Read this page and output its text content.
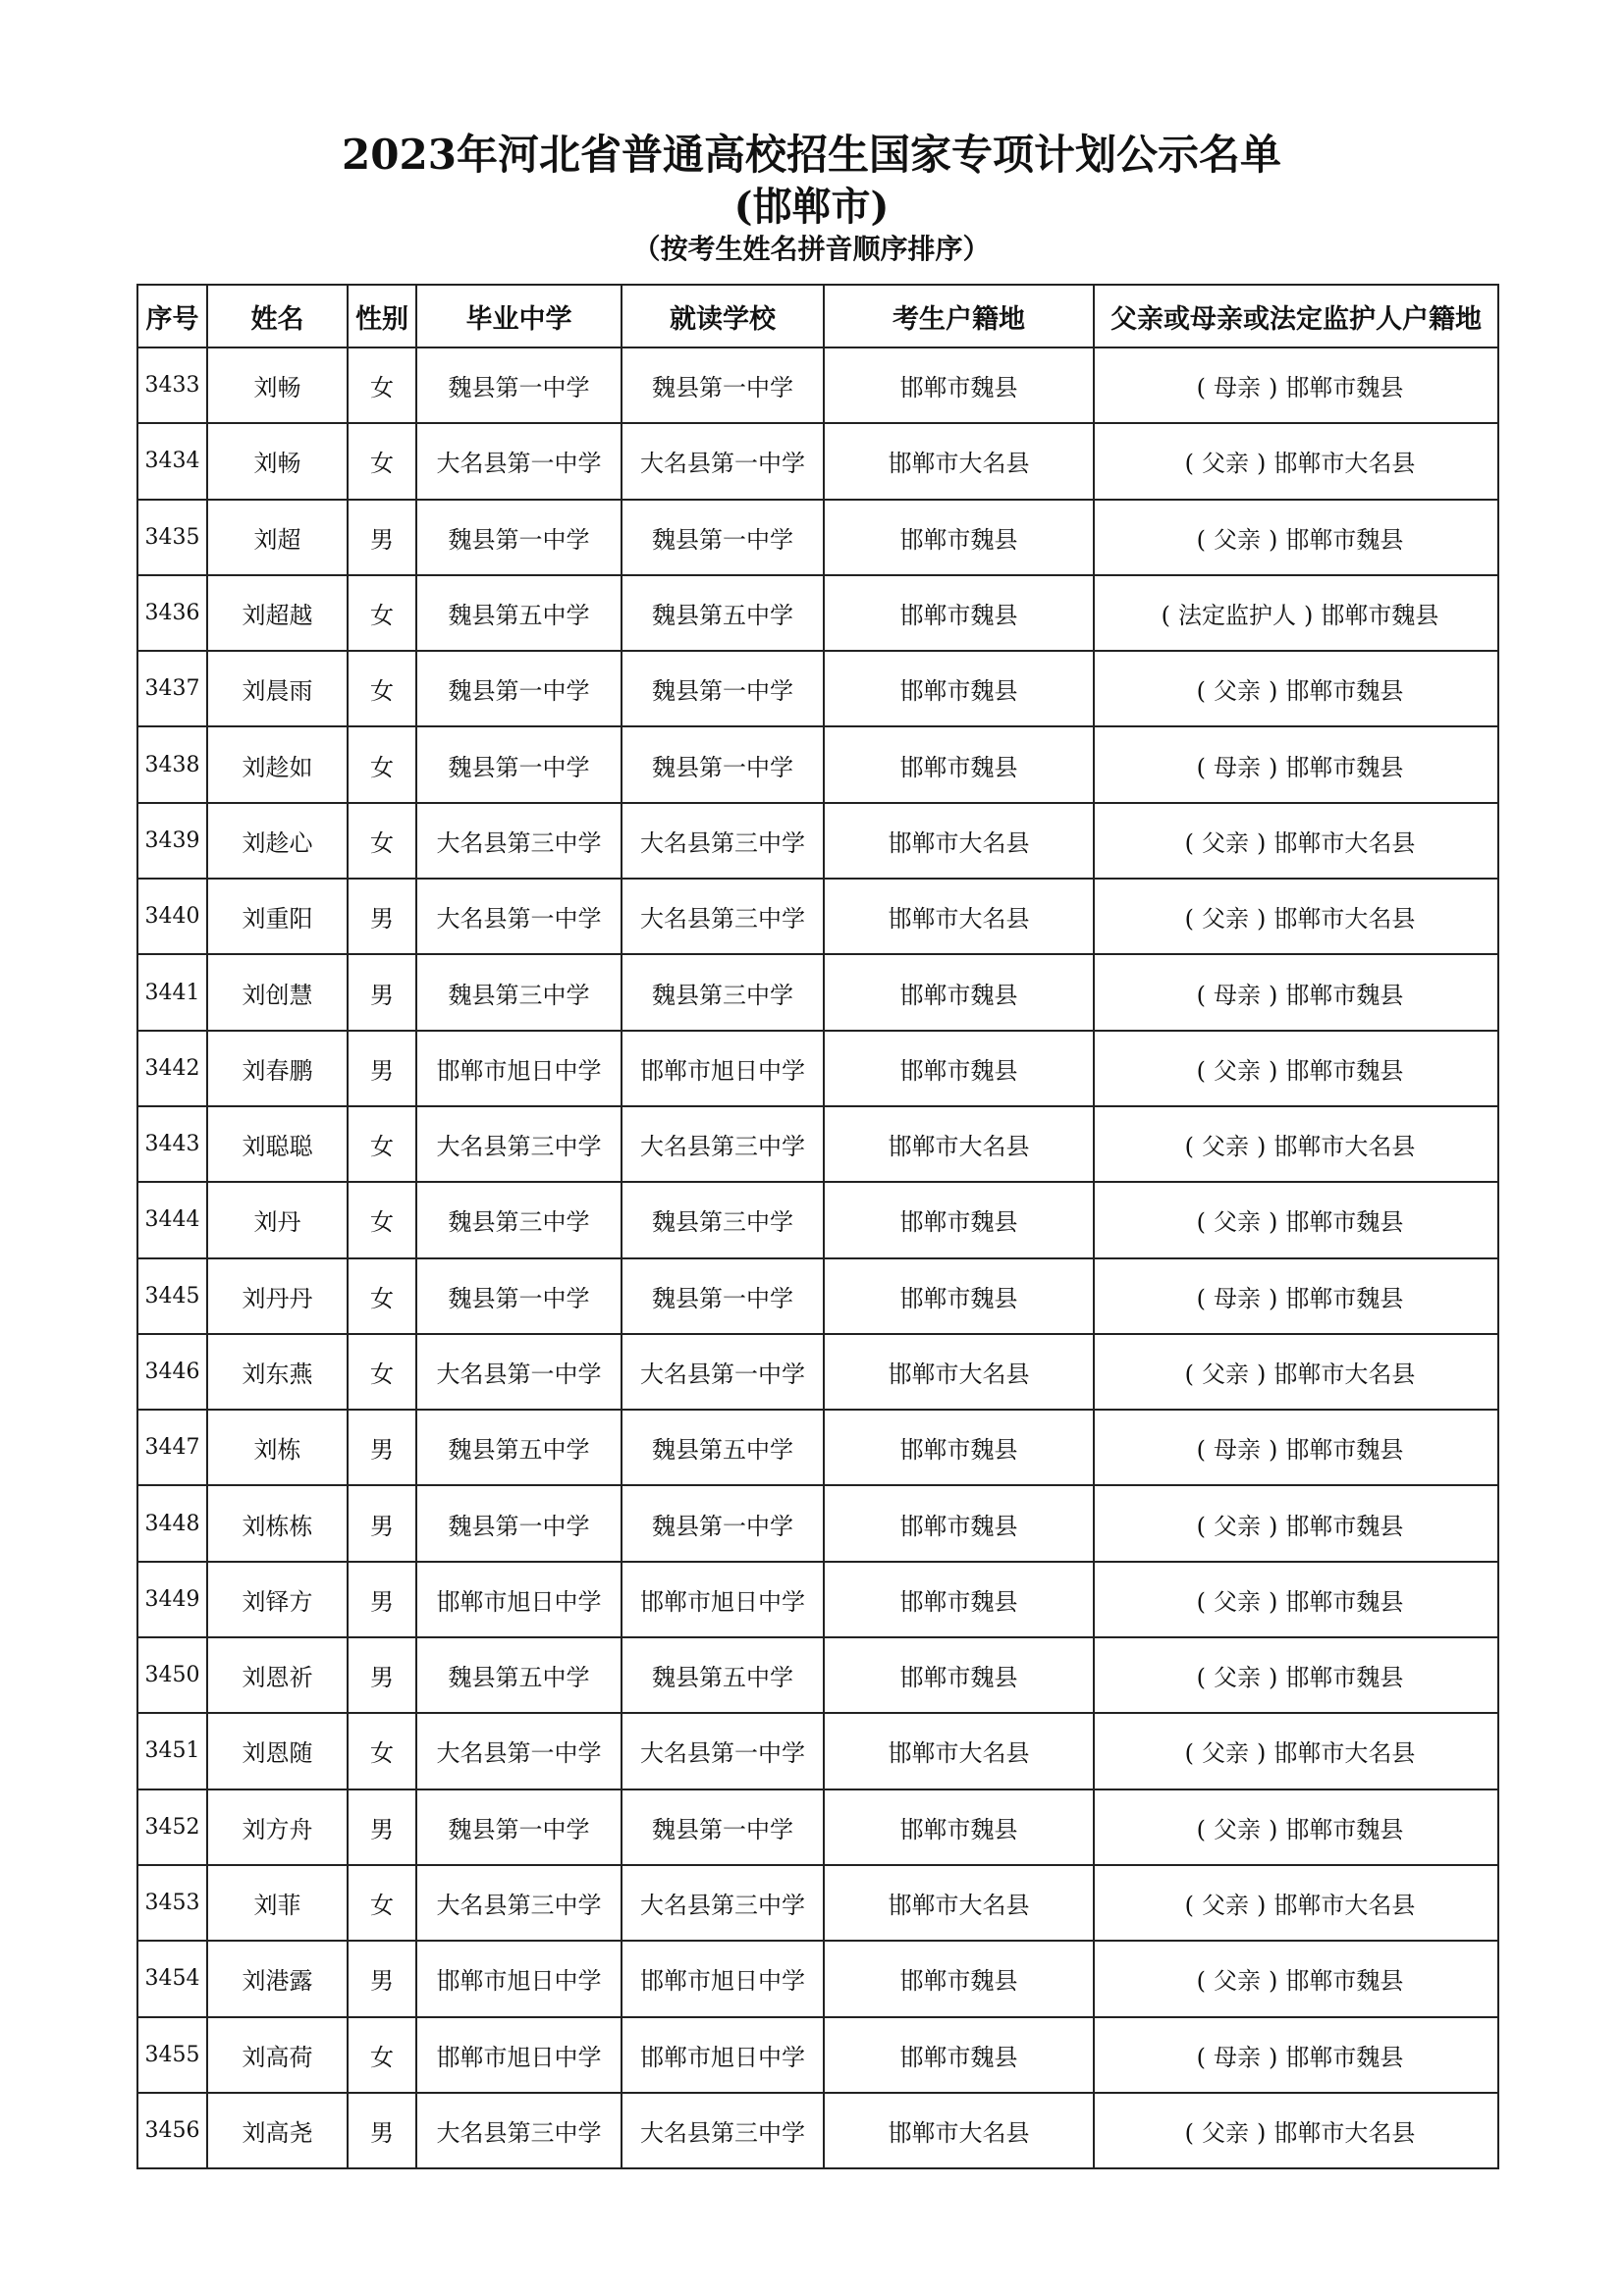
2023年河北省普通高校招生国家专项计划公示名单
(邯郸市)
（按考生姓名拼音顺序排序）
序号	姓名	性别	毕业中学	就读学校	考生户籍地	父亲或母亲或法定监护人户籍地
3433	刘畅	女	魏县第一中学	魏县第一中学	邯郸市魏县	( 母亲 ) 邯郸市魏县
3434	刘畅	女	大名县第一中学	大名县第一中学	邯郸市大名县	( 父亲 ) 邯郸市大名县
3435	刘超	男	魏县第一中学	魏县第一中学	邯郸市魏县	( 父亲 ) 邯郸市魏县
3436	刘超越	女	魏县第五中学	魏县第五中学	邯郸市魏县	( 法定监护人 ) 邯郸市魏县
3437	刘晨雨	女	魏县第一中学	魏县第一中学	邯郸市魏县	( 父亲 ) 邯郸市魏县
3438	刘趁如	女	魏县第一中学	魏县第一中学	邯郸市魏县	( 母亲 ) 邯郸市魏县
3439	刘趁心	女	大名县第三中学	大名县第三中学	邯郸市大名县	( 父亲 ) 邯郸市大名县
3440	刘重阳	男	大名县第一中学	大名县第三中学	邯郸市大名县	( 父亲 ) 邯郸市大名县
3441	刘创慧	男	魏县第三中学	魏县第三中学	邯郸市魏县	( 母亲 ) 邯郸市魏县
3442	刘春鹏	男	邯郸市旭日中学	邯郸市旭日中学	邯郸市魏县	( 父亲 ) 邯郸市魏县
3443	刘聪聪	女	大名县第三中学	大名县第三中学	邯郸市大名县	( 父亲 ) 邯郸市大名县
3444	刘丹	女	魏县第三中学	魏县第三中学	邯郸市魏县	( 父亲 ) 邯郸市魏县
3445	刘丹丹	女	魏县第一中学	魏县第一中学	邯郸市魏县	( 母亲 ) 邯郸市魏县
3446	刘东燕	女	大名县第一中学	大名县第一中学	邯郸市大名县	( 父亲 ) 邯郸市大名县
3447	刘栋	男	魏县第五中学	魏县第五中学	邯郸市魏县	( 母亲 ) 邯郸市魏县
3448	刘栋栋	男	魏县第一中学	魏县第一中学	邯郸市魏县	( 父亲 ) 邯郸市魏县
3449	刘铎方	男	邯郸市旭日中学	邯郸市旭日中学	邯郸市魏县	( 父亲 ) 邯郸市魏县
3450	刘恩祈	男	魏县第五中学	魏县第五中学	邯郸市魏县	( 父亲 ) 邯郸市魏县
3451	刘恩随	女	大名县第一中学	大名县第一中学	邯郸市大名县	( 父亲 ) 邯郸市大名县
3452	刘方舟	男	魏县第一中学	魏县第一中学	邯郸市魏县	( 父亲 ) 邯郸市魏县
3453	刘菲	女	大名县第三中学	大名县第三中学	邯郸市大名县	( 父亲 ) 邯郸市大名县
3454	刘港露	男	邯郸市旭日中学	邯郸市旭日中学	邯郸市魏县	( 父亲 ) 邯郸市魏县
3455	刘高荷	女	邯郸市旭日中学	邯郸市旭日中学	邯郸市魏县	( 母亲 ) 邯郸市魏县
3456	刘高尧	男	大名县第三中学	大名县第三中学	邯郸市大名县	( 父亲 ) 邯郸市大名县
